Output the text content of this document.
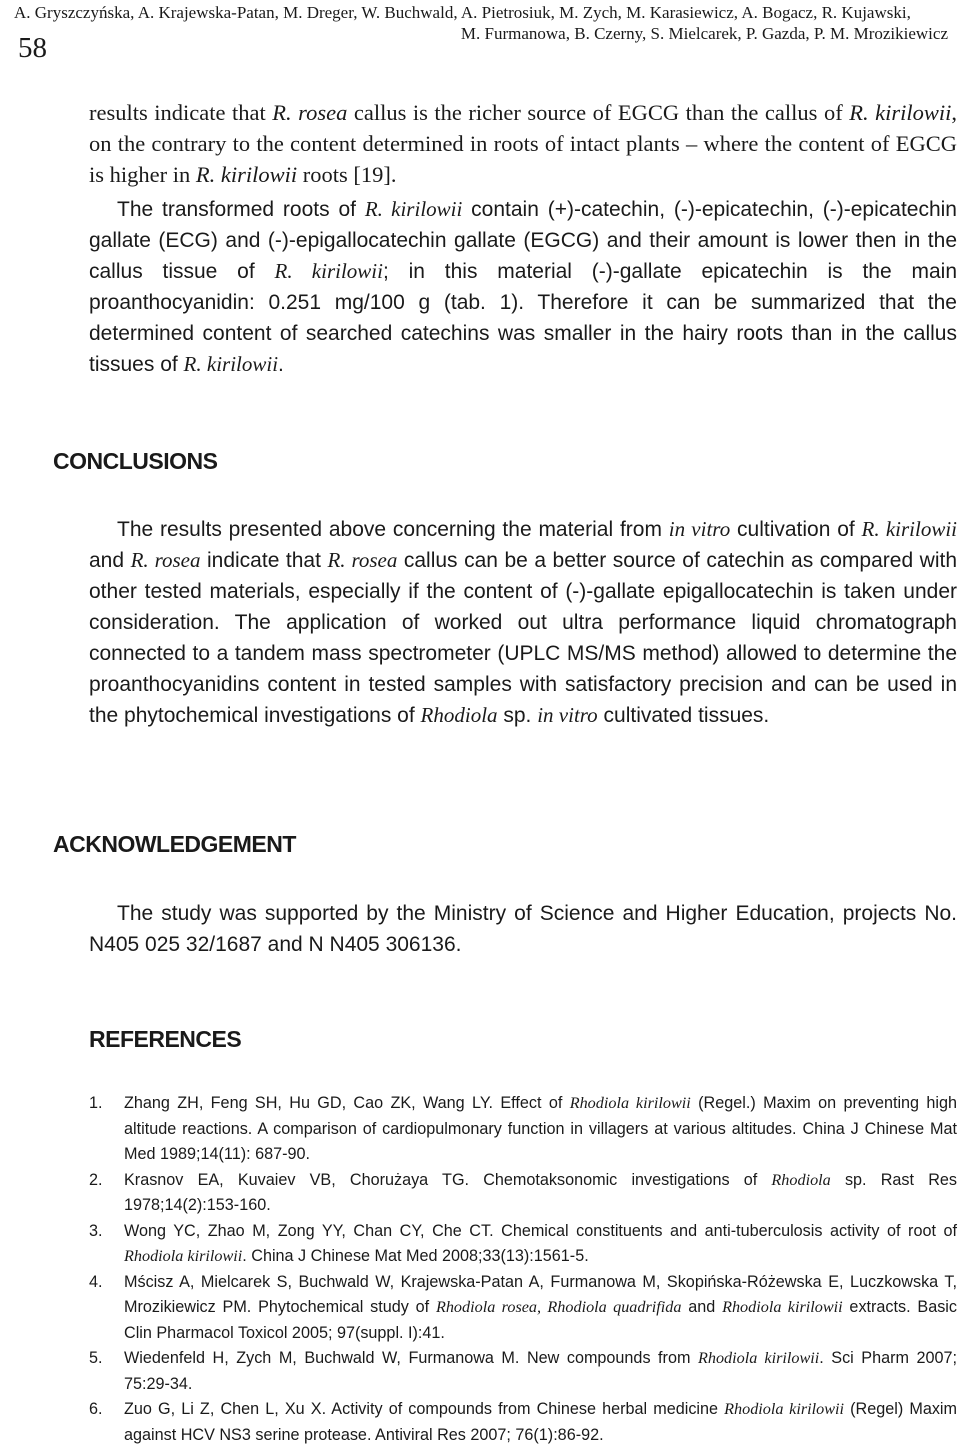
A. Gryszczyńska, A. Krajewska-Patan, M. Dreger, W. Buchwald, A. Pietrosiuk, M. Zych, M. Karasiewicz, A. Bogacz, R. Kujawski,
58	M. Furmanowa, B. Czerny, S. Mielcarek, P. Gazda, P. M. Mrozikiewicz

results indicate that R. rosea callus is the richer source of EGCG than the callus of R. kirilowii, on the contrary to the content determined in roots of intact plants – where the content of EGCG is higher in R. kirilowii roots [19].

The transformed roots of R. kirilowii contain (+)-catechin, (-)-epicatechin, (-)-epicatechin gallate (ECG) and (-)-epigallocatechin gallate (EGCG) and their amount is lower then in the callus tissue of R. kirilowii; in this material (-)-gallate epicatechin is the main proanthocyanidin: 0.251 mg/100 g (tab. 1). Therefore it can be summarized that the determined content of searched catechins was smaller in the hairy roots than in the callus tissues of R. kirilowii.

CONCLUSIONS

The results presented above concerning the material from in vitro cultivation of R. kirilowii and R. rosea indicate that R. rosea callus can be a better source of catechin as compared with other tested materials, especially if the content of (-)-gallate epigallocatechin is taken under consideration. The application of worked out ultra performance liquid chromatograph connected to a tandem mass spectrometer (UPLC MS/MS method) allowed to determine the proanthocyanidins content in tested samples with satisfactory precision and can be used in the phytochemical investigations of Rhodiola sp. in vitro cultivated tissues.

ACKNOWLEDGEMENT

The study was supported by the Ministry of Science and Higher Education, projects No. N405 025 32/1687 and N N405 306136.

REFERENCES
1. Zhang ZH, Feng SH, Hu GD, Cao ZK, Wang LY. Effect of Rhodiola kirilowii (Regel.) Maxim on preventing high altitude reactions. A comparison of cardiopulmonary function in villagers at various altitudes. China J Chinese Mat Med 1989;14(11): 687-90.
2. Krasnov EA, Kuvaiev VB, Chorużaya TG. Chemotaksonomic investigations of Rhodiola sp. Rast Res 1978;14(2):153-160.
3. Wong YC, Zhao M, Zong YY, Chan CY, Che CT. Chemical constituents and anti-tuberculosis activity of root of Rhodiola kirilowii. China J Chinese Mat Med 2008;33(13):1561-5.
4. Mścisz A, Mielcarek S, Buchwald W, Krajewska-Patan A, Furmanowa M, Skopińska-Różewska E, Luczkowska T, Mrozikiewicz PM. Phytochemical study of Rhodiola rosea, Rhodiola quadrifida and Rhodiola kirilowii extracts. Basic Clin Pharmacol Toxicol 2005; 97(suppl. I):41.
5. Wiedenfeld H, Zych M, Buchwald W, Furmanowa M. New compounds from Rhodiola kirilowii. Sci Pharm 2007; 75:29-34.
6. Zuo G, Li Z, Chen L, Xu X. Activity of compounds from Chinese herbal medicine Rhodiola kirilowii (Regel) Maxim against HCV NS3 serine protease. Antiviral Res 2007; 76(1):86-92.
